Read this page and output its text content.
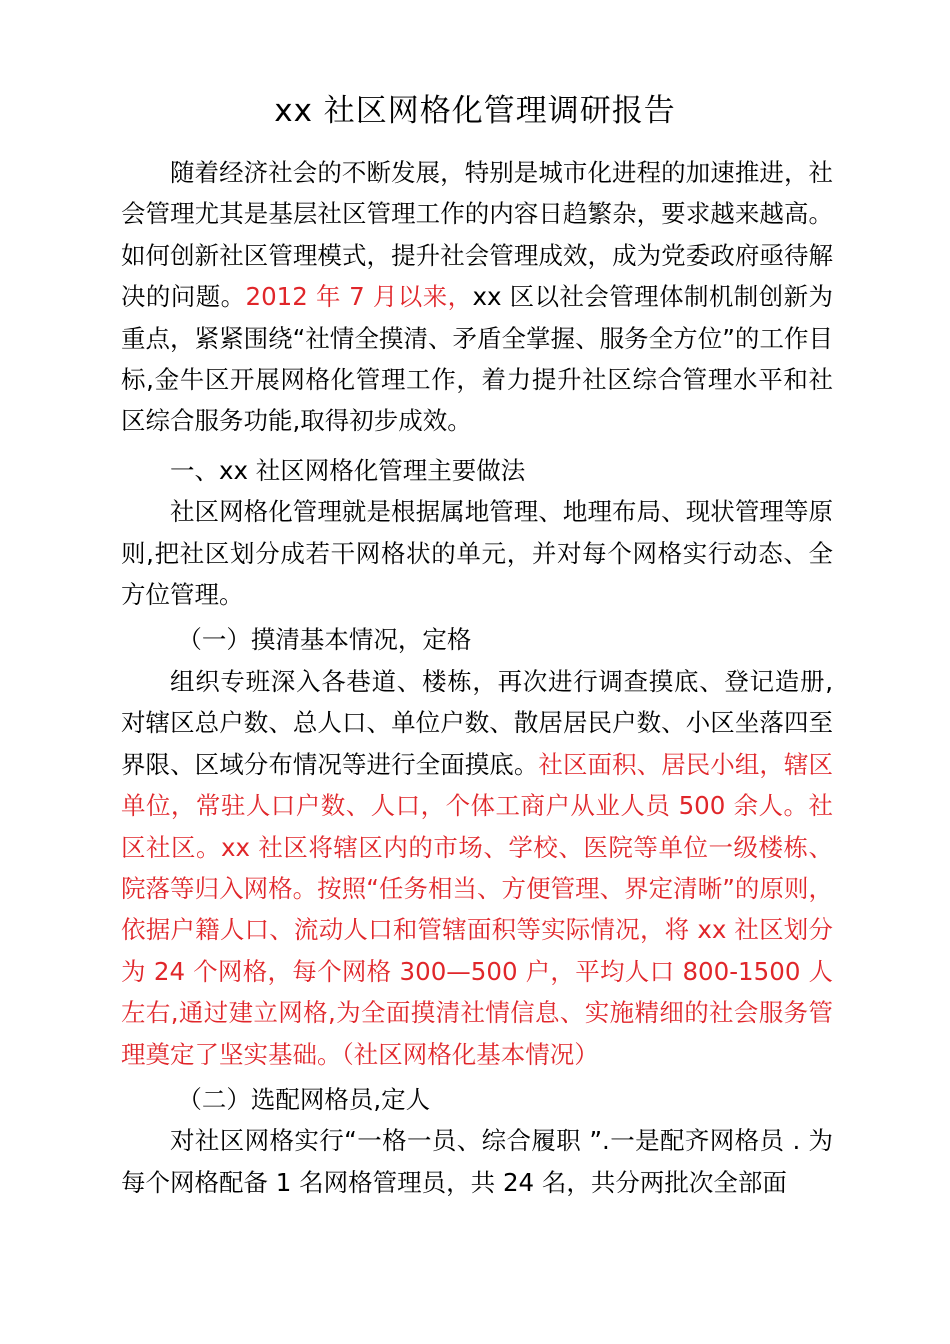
xx 社区网格化管理调研报告

随着经济社会的不断发展，特别是城市化进程的加速推进，社会管理尤其是基层社区管理工作的内容日趋繁杂，要求越来越高。如何创新社区管理模式，提升社会管理成效，成为党委政府亟待解决的问题。2012 年 7 月以来，xx 区以社会管理体制机制创新为重点，紧紧围绕“社情全摸清、矛盾全掌握、服务全方位”的工作目标,金牛区开展网格化管理工作，着力提升社区综合管理水平和社区综合服务功能,取得初步成效。

一、xx 社区网格化管理主要做法

社区网格化管理就是根据属地管理、地理布局、现状管理等原则,把社区划分成若干网格状的单元，并对每个网格实行动态、全方位管理。

（一）摸清基本情况，定格

组织专班深入各巷道、楼栋，再次进行调查摸底、登记造册,对辖区总户数、总人口、单位户数、散居居民户数、小区坐落四至界限、区域分布情况等进行全面摸底。社区面积、居民小组，辖区单位，常驻人口户数、人口，个体工商户从业人员 500 余人。社区社区。xx 社区将辖区内的市场、学校、医院等单位一级楼栋、院落等归入网格。按照“任务相当、方便管理、界定清晰”的原则，依据户籍人口、流动人口和管辖面积等实际情况，将 xx 社区划分为 24 个网格，每个网格 300—500 户，平均人口 800-1500 人左右,通过建立网格,为全面摸清社情信息、实施精细的社会服务管理奠定了坚实基础。（社区网格化基本情况）

（二）选配网格员,定人

对社区网格实行“一格一员、综合履职 ”.一是配齐网格员 . 为每个网格配备 1 名网格管理员，共 24 名，共分两批次全部面
